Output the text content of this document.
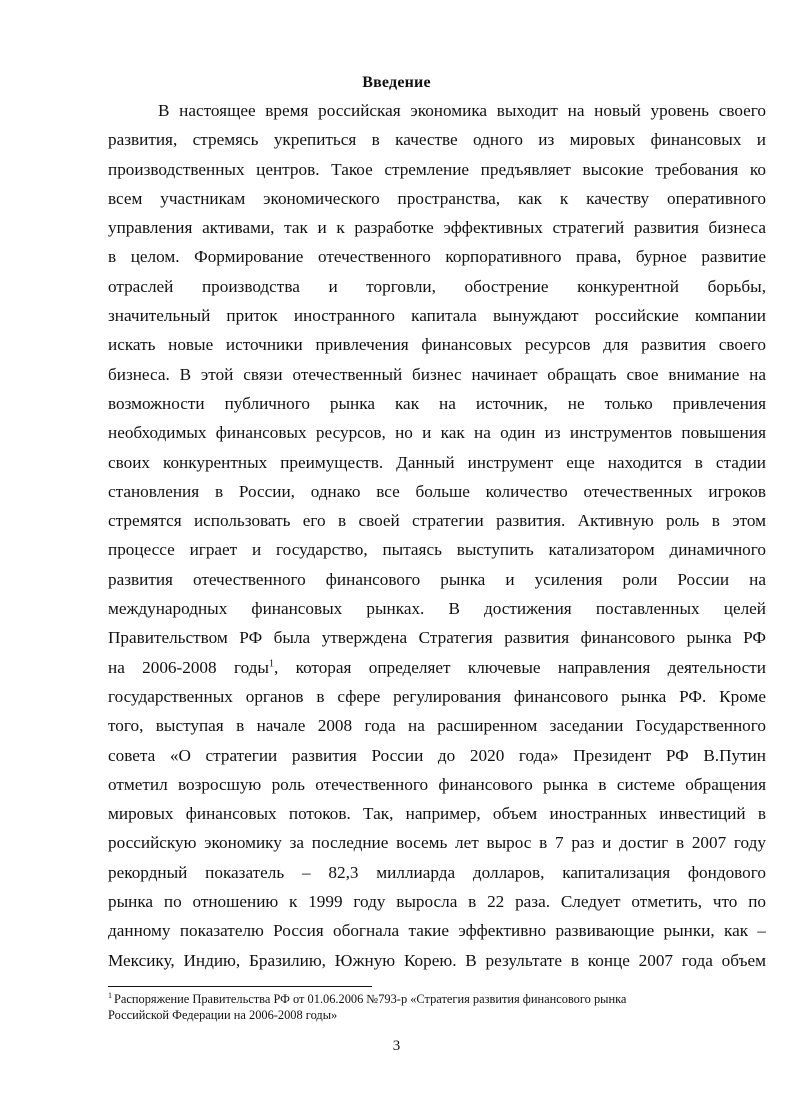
Введение
В настоящее время российская экономика выходит на новый уровень своего
развития, стремясь укрепиться в качестве одного из мировых финансовых и
производственных центров. Такое стремление предъявляет высокие требования ко
всем участникам экономического пространства, как к качеству оперативного
управления активами, так и к разработке эффективных стратегий развития бизнеса
в целом. Формирование отечественного корпоративного права, бурное развитие
отраслей производства и торговли, обострение конкурентной борьбы,
значительный приток иностранного капитала вынуждают российские компании
искать новые источники привлечения финансовых ресурсов для развития своего
бизнеса. В этой связи отечественный бизнес начинает обращать свое внимание на
возможности публичного рынка как на источник, не только привлечения
необходимых финансовых ресурсов, но и как на один из инструментов повышения
своих конкурентных преимуществ. Данный инструмент еще находится в стадии
становления в России, однако все больше количество отечественных игроков
стремятся использовать его в своей стратегии развития. Активную роль в этом
процессе играет и государство, пытаясь выступить катализатором динамичного
развития отечественного финансового рынка и усиления роли России на
международных финансовых рынках. В достижения поставленных целей
Правительством РФ была утверждена Стратегия развития финансового рынка РФ
на 2006-2008 годы$^1$, которая определяет ключевые направления деятельности
государственных органов в сфере регулирования финансового рынка РФ. Кроме
того, выступая в начале 2008 года на расширенном заседании Государственного
совета «О стратегии развития России до 2020 года» Президент РФ В.Путин
отметил возросшую роль отечественного финансового рынка в системе обращения
мировых финансовых потоков. Так, например, объем иностранных инвестиций в
российскую экономику за последние восемь лет вырос в 7 раз и достиг в 2007 году
рекордный показатель – 82,3 миллиарда долларов, капитализация фондового
рынка по отношению к 1999 году выросла в 22 раза. Следует отметить, что по
данному показателю Россия обогнала такие эффективно развивающие рынки, как –
Мексику, Индию, Бразилию, Южную Корею. В результате в конце 2007 года объем
$^1$ Распоряжение Правительства РФ от 01.06.2006 №793-р «Стратегия развития финансового рынка
Российской Федерации на 2006-2008 годы»
3
